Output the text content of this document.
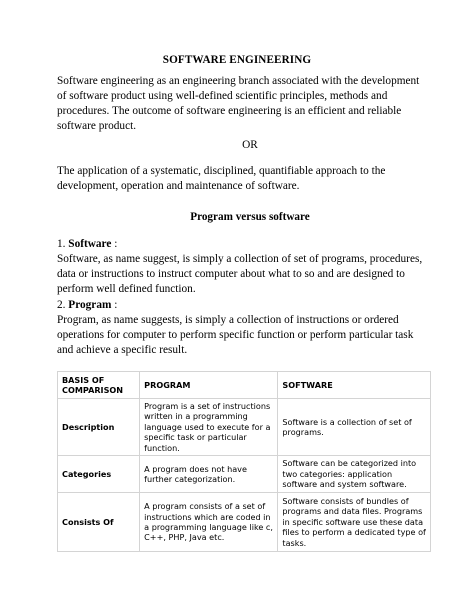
SOFTWARE ENGINEERING
Software engineering as an engineering branch associated with the development of software product using well-defined scientific principles, methods and procedures. The outcome of software engineering is an efficient and reliable software product.
OR
The application of a systematic, disciplined, quantifiable approach to the development, operation and maintenance of software.
Program versus software
1. Software :
Software, as name suggest, is simply a collection of set of programs, procedures, data or instructions to instruct computer about what to so and are designed to perform well defined function.
2. Program :
Program, as name suggests, is simply a collection of instructions or ordered operations for computer to perform specific function or perform particular task and achieve a specific result.
BASIS OF COMPARISON	PROGRAM	SOFTWARE
Description	Program is a set of instructions written in a programming language used to execute for a specific task or particular function.	Software is a collection of set of programs.
Categories	A program does not have further categorization.	Software can be categorized into two categories: application software and system software.
Consists Of	A program consists of a set of instructions which are coded in a programming language like c, C++, PHP, Java etc.	Software consists of bundles of programs and data files. Programs in specific software use these data files to perform a dedicated type of tasks.
